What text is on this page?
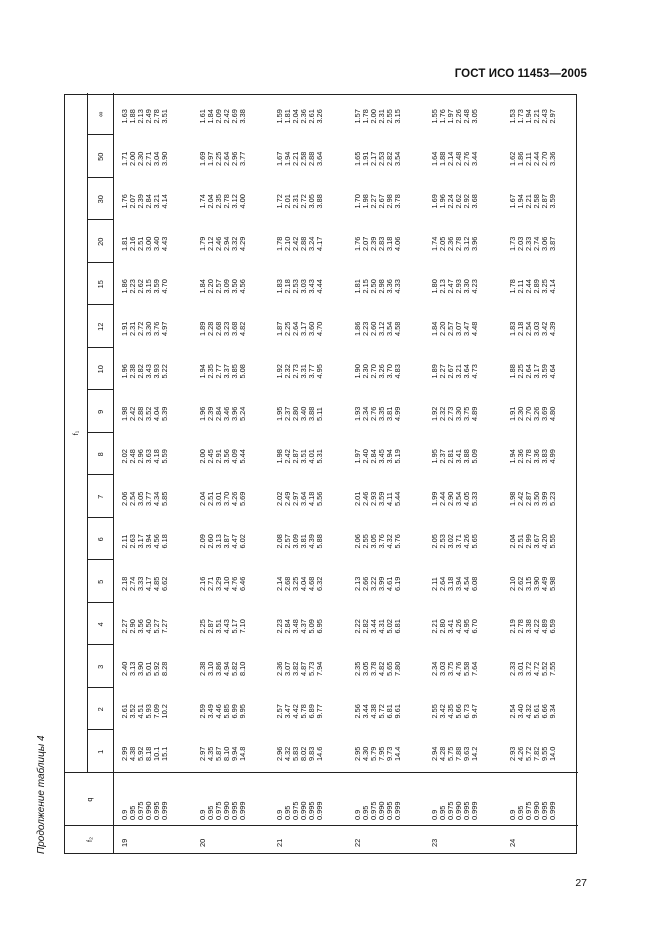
ГОСТ ИСО 11453—2005
Продолжение таблицы 4	f₂
q
f₁
1
2
3
4
5
6
7
8
9
10
12
15
20
30
50
∞
19
0.9 0.95 0.975 0.990 0.995 0.999
2.99
2.61
2.40
2.27
2.18
2.11
2.06
2.02
1.98
1.96
1.91
1.86
1.81
1.76
1.71
1.63
4.38
3.52
3.13
2.90
2.74
2.63
2.54
2.48
2.42
2.38
2.31
2.23
2.16
2.07
2.00
1.88
5.92
4.51
3.90
3.56
3.33
3.17
3.05
2.96
2.88
2.82
2.72
2.62
2.51
2.39
2.30
2.13
8.18
5.93
5.01
4.50
4.17
3.94
3.77
3.63
3.52
3.43
3.30
3.15
3.00
2.84
2.71
2.49
10.1
7.09
5.92
5.27
4.85
4.56
4.34
4.18
4.04
3.93
3.76
3.59
3.40
3.21
3.04
2.78
15.1
10.2
8.28
7.27
6.62
6.18
5.85
5.59
5.39
5.22
4.97
4.70
4.43
4.14
3.90
3.51
20
0.9 0.95 0.975 0.990 0.995 0.999
2.97
2.59
2.38
2.25
2.16
2.09
2.04
2.00
1.96
1.94
1.89
1.84
1.79
1.74
1.69
1.61
4.35
3.49
3.10
2.87
2.71
2.60
2.51
2.45
2.39
2.35
2.28
2.20
2.12
2.04
1.97
1.84
5.87
4.46
3.86
3.51
3.29
3.13
3.01
2.91
2.84
2.77
2.68
2.57
2.46
2.35
2.25
2.09
8.10
5.85
4.94
4.43
4.10
3.87
3.70
3.56
3.46
3.37
3.23
3.09
2.94
2.78
2.64
2.42
9.94
6.99
5.82
5.17
4.76
4.47
4.26
4.09
3.96
3.85
3.68
3.50
3.32
3.12
2.96
2.69
14.8
9.95
8.10
7.10
6.46
6.02
5.69
5.44
5.24
5.08
4.82
4.56
4.29
4.00
3.77
3.38
21
0.9 0.95 0.975 0.990 0.995 0.999
2.96
2.57
2.36
2.23
2.14
2.08
2.02
1.98
1.95
1.92
1.87
1.83
1.78
1.72
1.67
1.59
4.32
3.47
3.07
2.84
2.68
2.57
2.49
2.42
2.37
2.32
2.25
2.18
2.10
2.01
1.94
1.81
5.83
4.42
3.82
3.48
3.25
3.09
2.97
2.87
2.80
2.73
2.64
2.53
2.42
2.31
2.21
2.04
8.02
5.78
4.87
4.37
4.04
3.81
3.64
3.51
3.40
3.31
3.17
3.03
2.88
2.72
2.58
2.36
9.83
6.89
5.73
5.09
4.68
4.39
4.18
4.01
3.88
3.77
3.60
3.43
3.24
3.05
2.88
2.61
14.6
9.77
7.94
6.95
6.32
5.88
5.56
5.31
5.11
4.95
4.70
4.44
4.17
3.88
3.64
3.26
22
0.9 0.95 0.975 0.990 0.995 0.999
2.95
2.56
2.35
2.22
2.13
2.06
2.01
1.97
1.93
1.90
1.86
1.81
1.76
1.70
1.65
1.57
4.30
3.44
3.05
2.82
2.66
2.55
2.46
2.40
2.34
2.30
2.23
2.15
2.07
1.98
1.91
1.78
5.79
4.38
3.78
3.44
3.22
3.05
2.93
2.84
2.76
2.70
2.60
2.50
2.39
2.27
2.17
2.00
7.95
5.72
4.82
4.31
3.99
3.76
3.59
3.45
3.35
3.26
3.12
2.98
2.83
2.67
2.53
2.31
9.73
6.81
5.65
5.02
4.61
4.32
4.11
3.94
3.81
3.70
3.54
3.36
3.18
2.98
2.82
2.55
14.4
9.61
7.80
6.81
6.19
5.76
5.44
5.19
4.99
4.83
4.58
4.33
4.06
3.78
3.54
3.15
23
0.9 0.95 0.975 0.990 0.995 0.999
2.94
2.55
2.34
2.21
2.11
2.05
1.99
1.95
1.92
1.89
1.84
1.80
1.74
1.69
1.64
1.55
4.28
3.42
3.03
2.80
2.64
2.53
2.44
2.37
2.32
2.27
2.20
2.13
2.05
1.96
1.88
1.76
5.75
4.35
3.75
3.41
3.18
3.02
2.90
2.81
2.73
2.67
2.57
2.47
2.36
2.24
2.14
1.97
7.88
5.66
4.76
4.26
3.94
3.71
3.54
3.41
3.30
3.21
3.07
2.93
2.78
2.62
2.48
2.26
9.63
6.73
5.58
4.95
4.54
4.26
4.05
3.88
3.75
3.64
3.47
3.30
3.12
2.92
2.76
2.48
14.2
9.47
7.64
6.70
6.08
5.65
5.33
5.09
4.89
4.73
4.48
4.23
3.96
3.68
3.44
3.05
24
0.9 0.95 0.975 0.990 0.995 0.999
2.93
2.54
2.33
2.19
2.10
2.04
1.98
1.94
1.91
1.88
1.83
1.78
1.73
1.67
1.62
1.53
4.26
3.40
3.01
2.78
2.62
2.51
2.42
2.36
2.30
2.25
2.18
2.11
2.03
1.94
1.86
1.73
5.72
4.32
3.72
3.38
3.15
2.99
2.87
2.78
2.70
2.64
2.54
2.44
2.33
2.21
2.11
1.94
7.82
5.61
4.72
4.22
3.90
3.67
3.50
3.36
3.26
3.17
3.03
2.89
2.74
2.58
2.44
2.21
9.55
6.66
5.52
4.89
4.49
4.20
3.99
3.83
3.69
3.59
3.42
3.25
3.06
2.87
2.70
2.43
14.0
9.34
7.55
6.59
5.98
5.55
5.23
4.99
4.80
4.64
4.39
4.14
3.87
3.59
3.36
2.97
27
